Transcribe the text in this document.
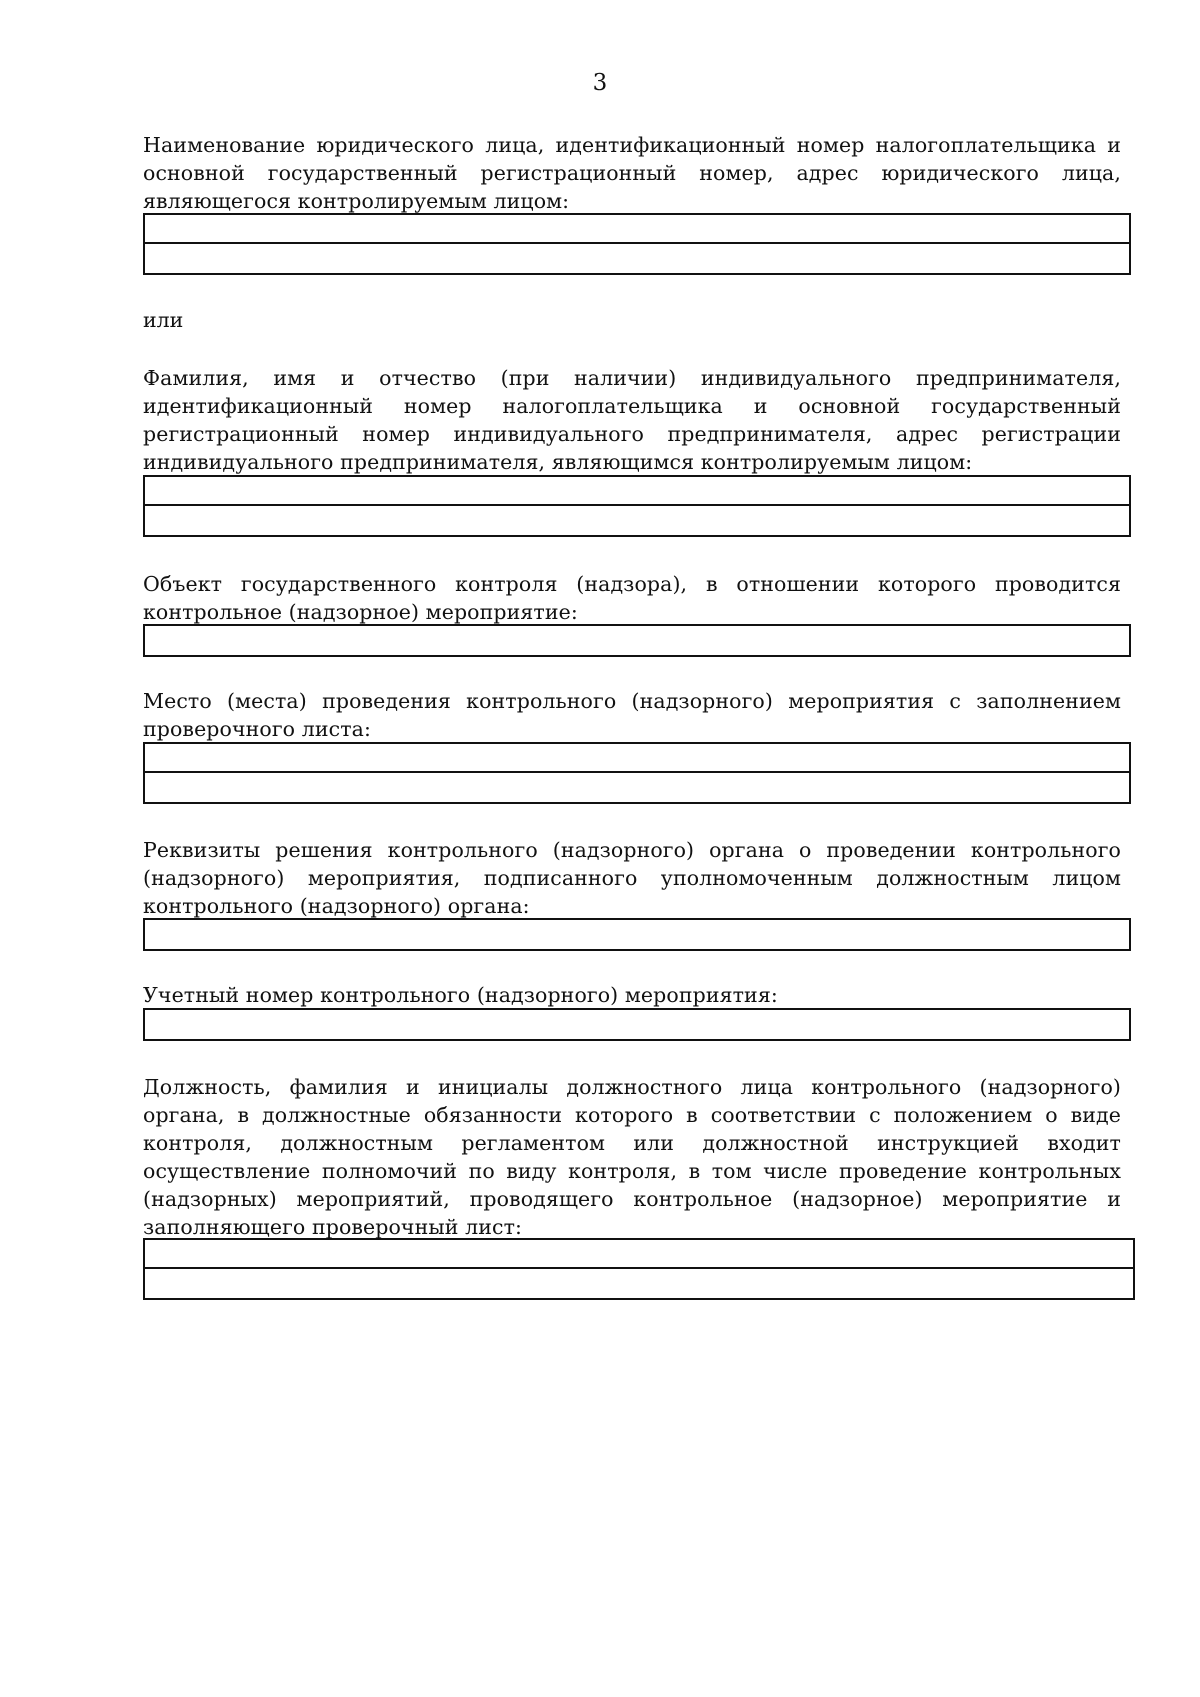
3

Наименование юридического лица, идентификационный номер налогоплательщика и основной государственный регистрационный номер, адрес юридического лица, являющегося контролируемым лицом:

или

Фамилия, имя и отчество (при наличии) индивидуального предпринимателя, идентификационный номер налогоплательщика и основной государственный регистрационный номер индивидуального предпринимателя, адрес регистрации индивидуального предпринимателя, являющимся контролируемым лицом:

Объект государственного контроля (надзора), в отношении которого проводится контрольное (надзорное) мероприятие:

Место (места) проведения контрольного (надзорного) мероприятия с заполнением проверочного листа:

Реквизиты решения контрольного (надзорного) органа о проведении контрольного (надзорного) мероприятия, подписанного уполномоченным должностным лицом контрольного (надзорного) органа:

Учетный номер контрольного (надзорного) мероприятия:

Должность, фамилия и инициалы должностного лица контрольного (надзорного) органа, в должностные обязанности которого в соответствии с положением о виде контроля, должностным регламентом или должностной инструкцией входит осуществление полномочий по виду контроля, в том числе проведение контрольных (надзорных) мероприятий, проводящего контрольное (надзорное) мероприятие и заполняющего проверочный лист:
